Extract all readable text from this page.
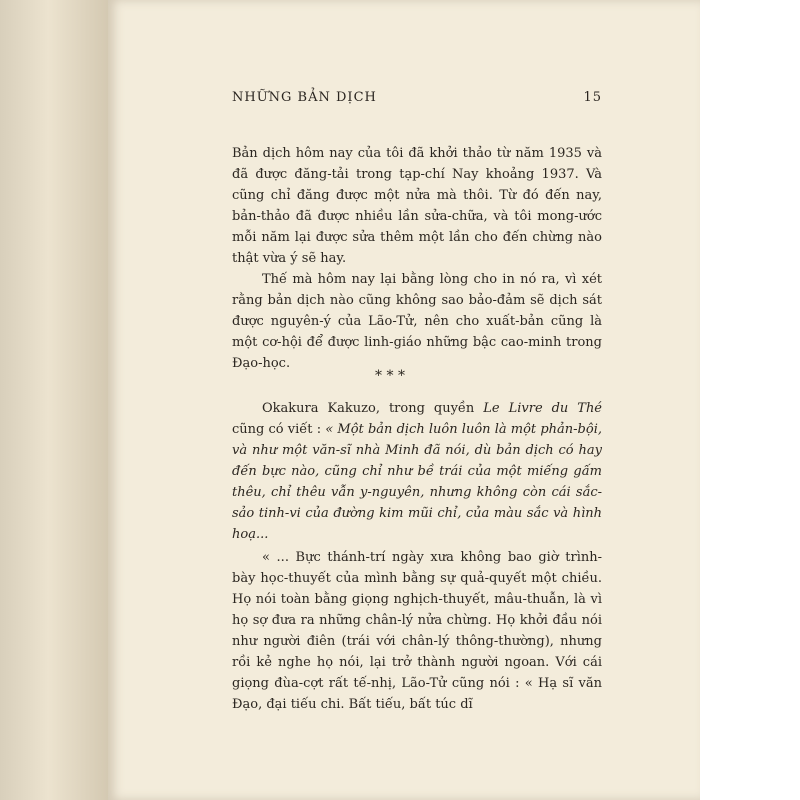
NHỮNG BẢN DỊCH	15

Bản dịch hôm nay của tôi đã khởi thảo từ năm 1935 và đã được đăng-tải trong tạp-chí Nay khoảng 1937. Và cũng chỉ đăng được một nửa mà thôi. Từ đó đến nay, bản-thảo đã được nhiều lần sửa-chữa, và tôi mong-ước mỗi năm lại được sửa thêm một lần cho đến chừng nào thật vừa ý sẽ hay.

Thế mà hôm nay lại bằng lòng cho in nó ra, vì xét rằng bản dịch nào cũng không sao bảo-đảm sẽ dịch sát được nguyên-ý của Lão-Tử, nên cho xuất-bản cũng là một cơ-hội để được linh-giáo những bậc cao-minh trong Đạo-học.

* * *

Okakura Kakuzo, trong quyền Le Livre du Thé cũng có viết : « Một bản dịch luôn luôn là một phản-bội, và như một văn-sĩ nhà Minh đã nói, dù bản dịch có hay đến bực nào, cũng chỉ như bề trái của một miếng gấm thêu, chỉ thêu vẫn y-nguyên, nhưng không còn cái sắc-sảo tinh-vi của đường kim mũi chỉ, của màu sắc và hình hoạ...

« ... Bực thánh-trí ngày xưa không bao giờ trình-bày học-thuyết của mình bằng sự quả-quyết một chiều. Họ nói toàn bằng giọng nghịch-thuyết, mâu-thuẫn, là vì họ sợ đưa ra những chân-lý nửa chừng. Họ khởi đầu nói như người điên (trái với chân-lý thông-thường), nhưng rồi kẻ nghe họ nói, lại trở thành người ngoan. Với cái giọng đùa-cợt rất tế-nhị, Lão-Tử cũng nói : « Hạ sĩ văn Đạo, đại tiếu chi. Bất tiếu, bất túc dĩ
